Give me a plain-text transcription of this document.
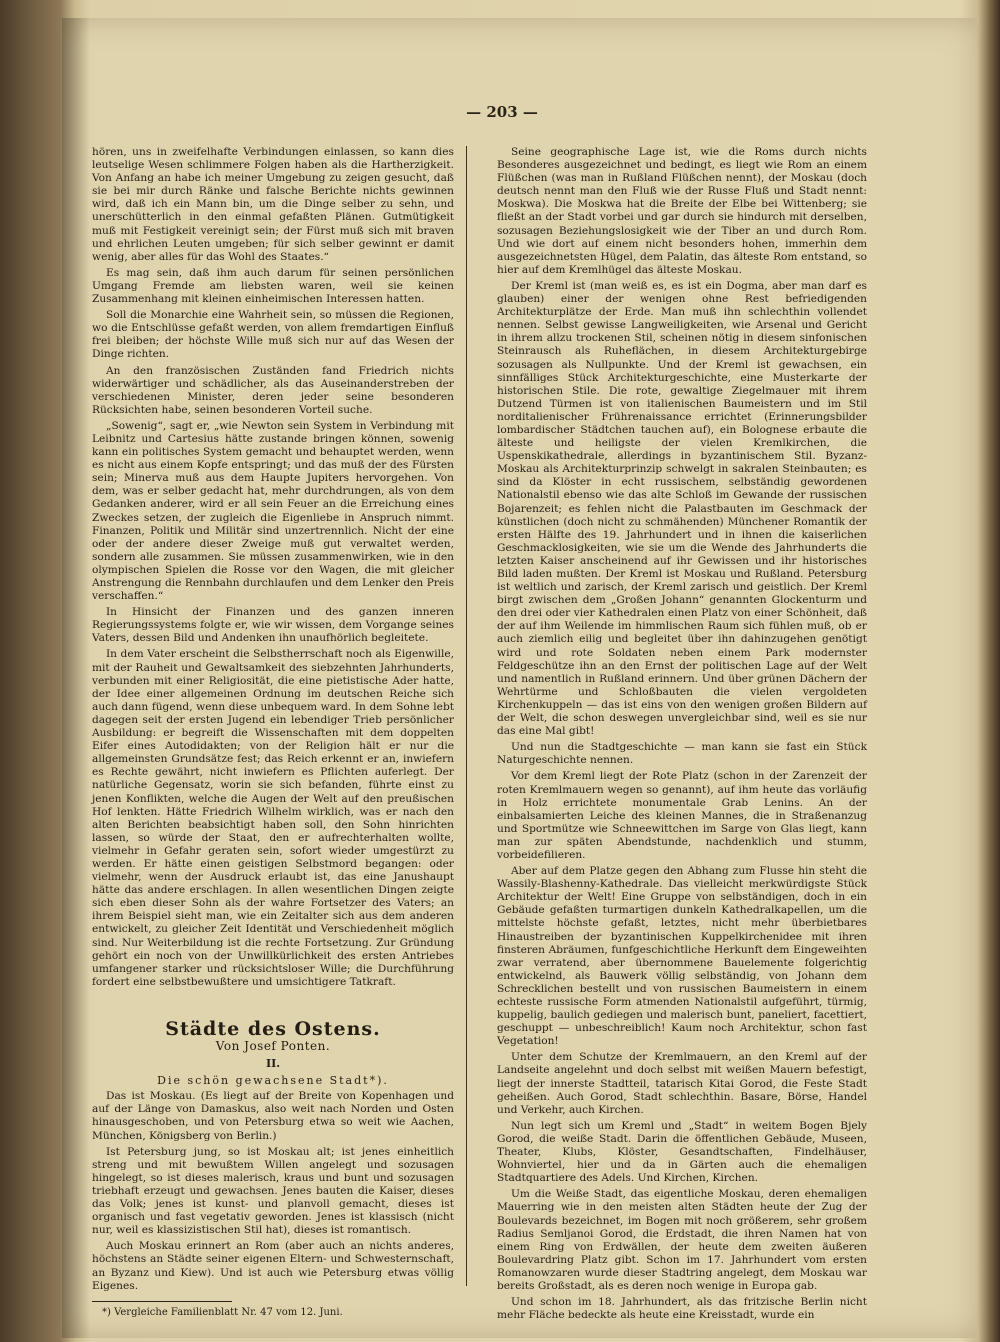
— 203 —

hören, uns in zweifelhafte Verbindungen einlassen, so kann dies leutselige Wesen schlimmere Folgen haben als die Hartherzigkeit. Von Anfang an habe ich meiner Umgebung zu zeigen gesucht, daß sie bei mir durch Ränke und falsche Berichte nichts gewinnen wird, daß ich ein Mann bin, um die Dinge selber zu sehn, und unerschütterlich in den einmal gefaßten Plänen. Gutmütigkeit muß mit Festigkeit vereinigt sein; der Fürst muß sich mit braven und ehrlichen Leuten umgeben; für sich selber gewinnt er damit wenig, aber alles für das Wohl des Staates.“

Es mag sein, daß ihm auch darum für seinen persönlichen Umgang Fremde am liebsten waren, weil sie keinen Zusammenhang mit kleinen einheimischen Interessen hatten.

Soll die Monarchie eine Wahrheit sein, so müssen die Regionen, wo die Entschlüsse gefaßt werden, von allem fremdartigen Einfluß frei bleiben; der höchste Wille muß sich nur auf das Wesen der Dinge richten.

An den französischen Zuständen fand Friedrich nichts widerwärtiger und schädlicher, als das Auseinanderstreben der verschiedenen Minister, deren jeder seine besonderen Rücksichten habe, seinen besonderen Vorteil suche.

„Sowenig“, sagt er, „wie Newton sein System in Verbindung mit Leibnitz und Cartesius hätte zustande bringen können, sowenig kann ein politisches System gemacht und behauptet werden, wenn es nicht aus einem Kopfe entspringt; und das muß der des Fürsten sein; Minerva muß aus dem Haupte Jupiters hervorgehen. Von dem, was er selber gedacht hat, mehr durchdrungen, als von dem Gedanken anderer, wird er all sein Feuer an die Erreichung eines Zweckes setzen, der zugleich die Eigenliebe in Anspruch nimmt. Finanzen, Politik und Militär sind unzertrennlich. Nicht der eine oder der andere dieser Zweige muß gut verwaltet werden, sondern alle zusammen. Sie müssen zusammenwirken, wie in den olympischen Spielen die Rosse vor den Wagen, die mit gleicher Anstrengung die Rennbahn durchlaufen und dem Lenker den Preis verschaffen.“

In Hinsicht der Finanzen und des ganzen inneren Regierungssystems folgte er, wie wir wissen, dem Vorgange seines Vaters, dessen Bild und Andenken ihn unaufhörlich begleitete.

In dem Vater erscheint die Selbstherrschaft noch als Eigenwille, mit der Rauheit und Gewaltsamkeit des siebzehnten Jahrhunderts, verbunden mit einer Religiosität, die eine pietistische Ader hatte, der Idee einer allgemeinen Ordnung im deutschen Reiche sich auch dann fügend, wenn diese unbequem ward. In dem Sohne lebt dagegen seit der ersten Jugend ein lebendiger Trieb persönlicher Ausbildung: er begreift die Wissenschaften mit dem doppelten Eifer eines Autodidakten; von der Religion hält er nur die allgemeinsten Grundsätze fest; das Reich erkennt er an, inwiefern es Rechte gewährt, nicht inwiefern es Pflichten auferlegt. Der natürliche Gegensatz, worin sie sich befanden, führte einst zu jenen Konflikten, welche die Augen der Welt auf den preußischen Hof lenkten. Hätte Friedrich Wilhelm wirklich, was er nach den alten Berichten beabsichtigt haben soll, den Sohn hinrichten lassen, so würde der Staat, den er aufrechterhalten wollte, vielmehr in Gefahr geraten sein, sofort wieder umgestürzt zu werden. Er hätte einen geistigen Selbstmord begangen: oder vielmehr, wenn der Ausdruck erlaubt ist, das eine Janushaupt hätte das andere erschlagen. In allen wesentlichen Dingen zeigte sich eben dieser Sohn als der wahre Fortsetzer des Vaters; an ihrem Beispiel sieht man, wie ein Zeitalter sich aus dem anderen entwickelt, zu gleicher Zeit Identität und Verschiedenheit möglich sind. Nur Weiterbildung ist die rechte Fortsetzung. Zur Gründung gehört ein noch von der Unwillkürlichkeit des ersten Antriebes umfangener starker und rücksichtsloser Wille; die Durchführung fordert eine selbstbewußtere und umsichtigere Tatkraft.

Städte des Ostens.
Von Josef Ponten.
II.
Die schön gewachsene Stadt*).

Das ist Moskau. (Es liegt auf der Breite von Kopenhagen und auf der Länge von Damaskus, also weit nach Norden und Osten hinausgeschoben, und von Petersburg etwa so weit wie Aachen, München, Königsberg von Berlin.)

Ist Petersburg jung, so ist Moskau alt; ist jenes einheitlich streng und mit bewußtem Willen angelegt und sozusagen hingelegt, so ist dieses malerisch, kraus und bunt und sozusagen triebhaft erzeugt und gewachsen. Jenes bauten die Kaiser, dieses das Volk; jenes ist kunst- und planvoll gemacht, dieses ist organisch und fast vegetativ geworden. Jenes ist klassisch (nicht nur, weil es klassizistischen Stil hat), dieses ist romantisch.

Auch Moskau erinnert an Rom (aber auch an nichts anderes, höchstens an Städte seiner eigenen Eltern- und Schwesternschaft, an Byzanz und Kiew). Und ist auch wie Petersburg etwas völlig Eigenes.

*) Vergleiche Familienblatt Nr. 47 vom 12. Juni.

Seine geographische Lage ist, wie die Roms durch nichts Besonderes ausgezeichnet und bedingt, es liegt wie Rom an einem Flüßchen (was man in Rußland Flüßchen nennt), der Moskau (doch deutsch nennt man den Fluß wie der Russe Fluß und Stadt nennt: Moskwa). Die Moskwa hat die Breite der Elbe bei Wittenberg; sie fließt an der Stadt vorbei und gar durch sie hindurch mit derselben, sozusagen Beziehungslosigkeit wie der Tiber an und durch Rom. Und wie dort auf einem nicht besonders hohen, immerhin dem ausgezeichnetsten Hügel, dem Palatin, das älteste Rom entstand, so hier auf dem Kremlhügel das älteste Moskau.

Der Kreml ist (man weiß es, es ist ein Dogma, aber man darf es glauben) einer der wenigen ohne Rest befriedigenden Architekturplätze der Erde. Man muß ihn schlechthin vollendet nennen. Selbst gewisse Langweiligkeiten, wie Arsenal und Gericht in ihrem allzu trockenen Stil, scheinen nötig in diesem sinfonischen Steinrausch als Ruheflächen, in diesem Architekturgebirge sozusagen als Nullpunkte. Und der Kreml ist gewachsen, ein sinnfälliges Stück Architekturgeschichte, eine Musterkarte der historischen Stile. Die rote, gewaltige Ziegelmauer mit ihrem Dutzend Türmen ist von italienischen Baumeistern und im Stil norditalienischer Frührenaissance errichtet (Erinnerungsbilder lombardischer Städtchen tauchen auf), ein Bolognese erbaute die älteste und heiligste der vielen Kremlkirchen, die Uspenskikathedrale, allerdings in byzantinischem Stil. Byzanz-Moskau als Architekturprinzip schwelgt in sakralen Steinbauten; es sind da Klöster in echt russischem, selbständig gewordenen Nationalstil ebenso wie das alte Schloß im Gewande der russischen Bojarenzeit; es fehlen nicht die Palastbauten im Geschmack der künstlichen (doch nicht zu schmähenden) Münchener Romantik der ersten Hälfte des 19. Jahrhundert und in ihnen die kaiserlichen Geschmacklosigkeiten, wie sie um die Wende des Jahrhunderts die letzten Kaiser anscheinend auf ihr Gewissen und ihr historisches Bild laden mußten. Der Kreml ist Moskau und Rußland. Petersburg ist weltlich und zarisch, der Kreml zarisch und geistlich. Der Kreml birgt zwischen dem „Großen Johann“ genannten Glockenturm und den drei oder vier Kathedralen einen Platz von einer Schönheit, daß der auf ihm Weilende im himmlischen Raum sich fühlen muß, ob er auch ziemlich eilig und begleitet über ihn dahinzugehen genötigt wird und rote Soldaten neben einem Park modernster Feldgeschütze ihn an den Ernst der politischen Lage auf der Welt und namentlich in Rußland erinnern. Und über grünen Dächern der Wehrtürme und Schloßbauten die vielen vergoldeten Kirchenkuppeln — das ist eins von den wenigen großen Bildern auf der Welt, die schon deswegen unvergleichbar sind, weil es sie nur das eine Mal gibt!

Und nun die Stadtgeschichte — man kann sie fast ein Stück Naturgeschichte nennen.

Vor dem Kreml liegt der Rote Platz (schon in der Zarenzeit der roten Kremlmauern wegen so genannt), auf ihm heute das vorläufig in Holz errichtete monumentale Grab Lenins. An der einbalsamierten Leiche des kleinen Mannes, die in Straßenanzug und Sportmütze wie Schneewittchen im Sarge von Glas liegt, kann man zur späten Abendstunde, nachdenklich und stumm, vorbeidefilieren.

Aber auf dem Platze gegen den Abhang zum Flusse hin steht die Wassily-Blashenny-Kathedrale. Das vielleicht merkwürdigste Stück Architektur der Welt! Eine Gruppe von selbständigen, doch in ein Gebäude gefaßten turmartigen dunkeln Kathedralkapellen, um die mittelste höchste gefaßt, letztes, nicht mehr überbietbares Hinaustreiben der byzantinischen Kuppelkirchenidee mit ihren finsteren Abräumen, funfgeschichtliche Herkunft dem Eingeweihten zwar verratend, aber übernommene Bauelemente folgerichtig entwickelnd, als Bauwerk völlig selbständig, von Johann dem Schrecklichen bestellt und von russischen Baumeistern in einem echteste russische Form atmenden Nationalstil aufgeführt, türmig, kuppelig, baulich gediegen und malerisch bunt, paneliert, facettiert, geschuppt — unbeschreiblich! Kaum noch Architektur, schon fast Vegetation!

Unter dem Schutze der Kremlmauern, an den Kreml auf der Landseite angelehnt und doch selbst mit weißen Mauern befestigt, liegt der innerste Stadtteil, tatarisch Kitai Gorod, die Feste Stadt geheißen. Auch Gorod, Stadt schlechthin. Basare, Börse, Handel und Verkehr, auch Kirchen.

Nun legt sich um Kreml und „Stadt“ in weitem Bogen Bjely Gorod, die weiße Stadt. Darin die öffentlichen Gebäude, Museen, Theater, Klubs, Klöster, Gesandtschaften, Findelhäuser, Wohnviertel, hier und da in Gärten auch die ehemaligen Stadtquartiere des Adels. Und Kirchen, Kirchen.

Um die Weiße Stadt, das eigentliche Moskau, deren ehemaligen Mauerring wie in den meisten alten Städten heute der Zug der Boulevards bezeichnet, im Bogen mit noch größerem, sehr großem Radius Semljanoi Gorod, die Erdstadt, die ihren Namen hat von einem Ring von Erdwällen, der heute dem zweiten äußeren Boulevardring Platz gibt. Schon im 17. Jahrhundert vom ersten Romanowzaren wurde dieser Stadtring angelegt, dem Moskau war bereits Großstadt, als es deren noch wenige in Europa gab.

Und schon im 18. Jahrhundert, als das fritzische Berlin nicht mehr Fläche bedeckte als heute eine Kreisstadt, wurde ein
